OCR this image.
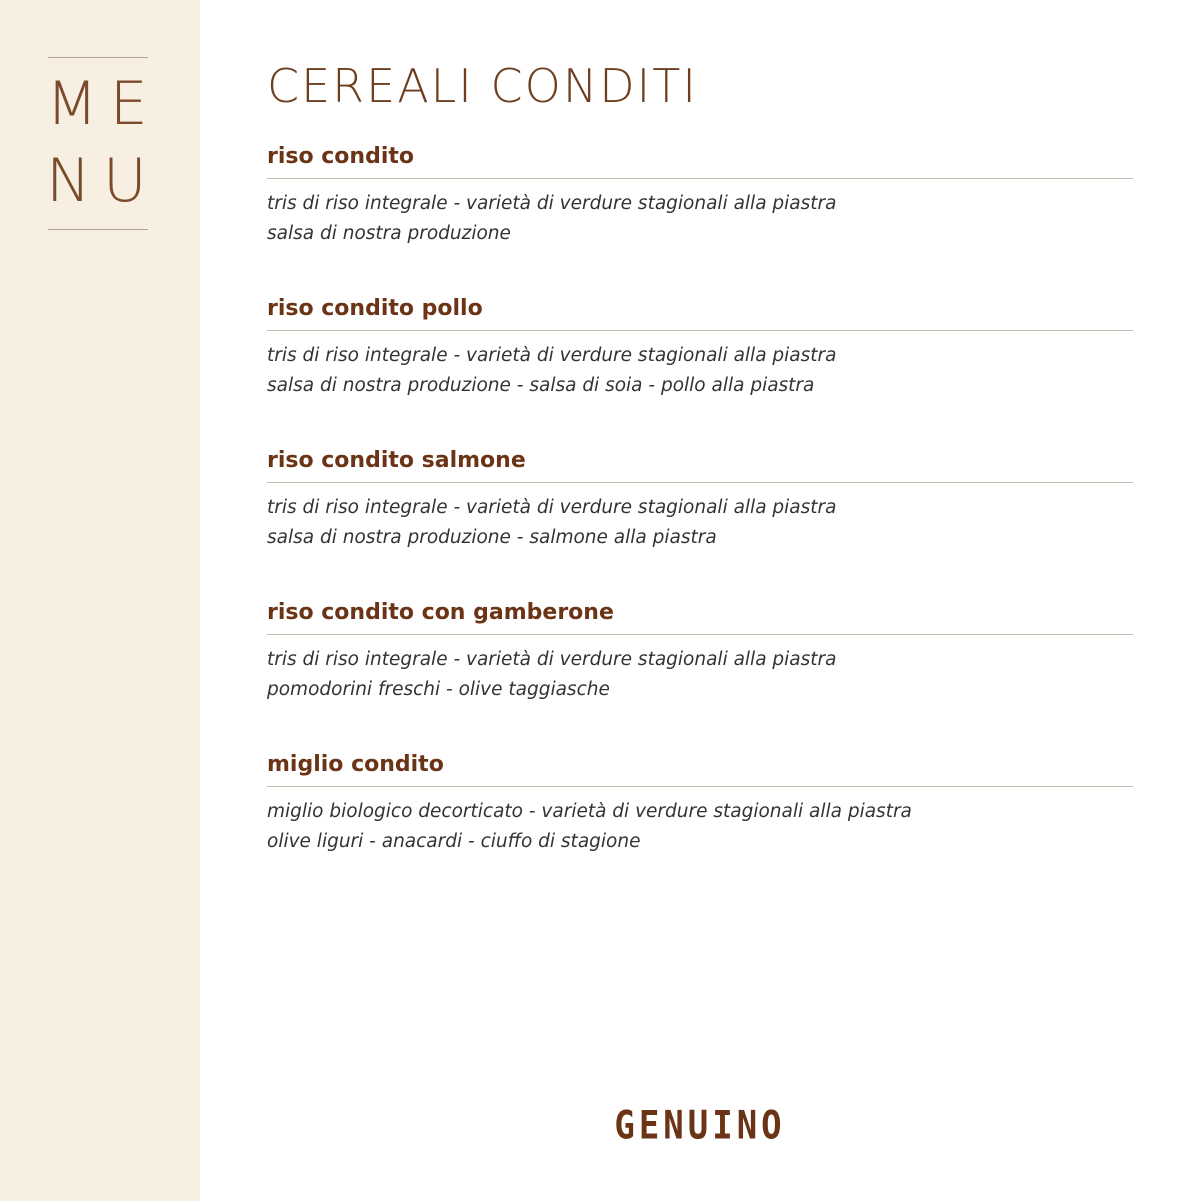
ME
NU
CEREALI CONDITI
riso condito
tris di riso integrale - varietà di verdure stagionali alla piastra
salsa di nostra produzione
riso condito pollo
tris di riso integrale - varietà di verdure stagionali alla piastra
salsa di nostra produzione - salsa di soia - pollo alla piastra
riso condito salmone
tris di riso integrale - varietà di verdure stagionali alla piastra
salsa di nostra produzione - salmone alla piastra
riso condito con gamberone
tris di riso integrale - varietà di verdure stagionali alla piastra
pomodorini freschi - olive taggiasche
miglio condito
miglio biologico decorticato - varietà di verdure stagionali alla piastra
olive liguri - anacardi - ciuffo di stagione
GENUINO
